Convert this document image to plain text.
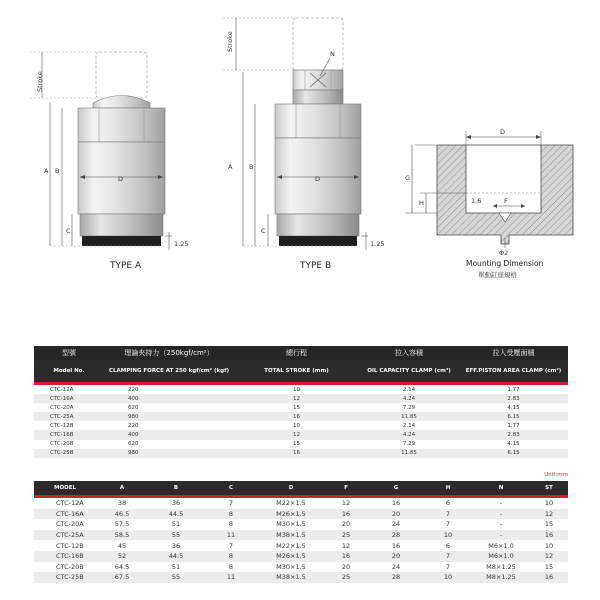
TYPE A	TYPE B
Stroke
Stroke
A B
C
D
1.25
A	B
C
D
N
1.25
D
G
H	1.6	F
Φ2
Mounting Dimension
單動缸座規格
型號	理論夾持力（250kgf/cm²）	總行程	拉入容積	拉入受壓面積
Model No.	CLAMPING FORCE AT 250 kgf/cm² (kgf)	TOTAL STROKE (mm)	OIL CAPACITY CLAMP (cm³)	EFF.PISTON AREA CLAMP (cm²)
CTC-12A	220	10	2.14	1.77
CTC-16A	400	12	4.24	2.83
CTC-20A	620	15	7.29	4.15
CTC-25A	980	16	11.85	6.15
CTC-12B	220	10	2.14	1.77
CTC-16B	400	12	4.24	2.83
CTC-20B	620	15	7.29	4.15
CTC-25B	980	16	11.85	6.15
Unit:mm
MODEL	A	B	C	D	F	G	H	N	ST
CTC-12A	38	36	7	M22×1.5	12	16	6	-	10
CTC-16A	46.5	44.5	8	M26×1.5	16	20	7	-	12
CTC-20A	57.5	51	8	M30×1.5	20	24	7	-	15
CTC-25A	58.5	55	11	M38×1.5	25	28	10	-	16
CTC-12B	45	36	7	M22×1.5	12	16	6	M6×1.0	10
CTC-16B	52	44.5	8	M26×1.5	16	20	7	M6×1.0	12
CTC-20B	64.5	51	8	M30×1.5	20	24	7	M8×1.25	15
CTC-25B	67.5	55	11	M38×1.5	25	28	10	M8×1.25	16
